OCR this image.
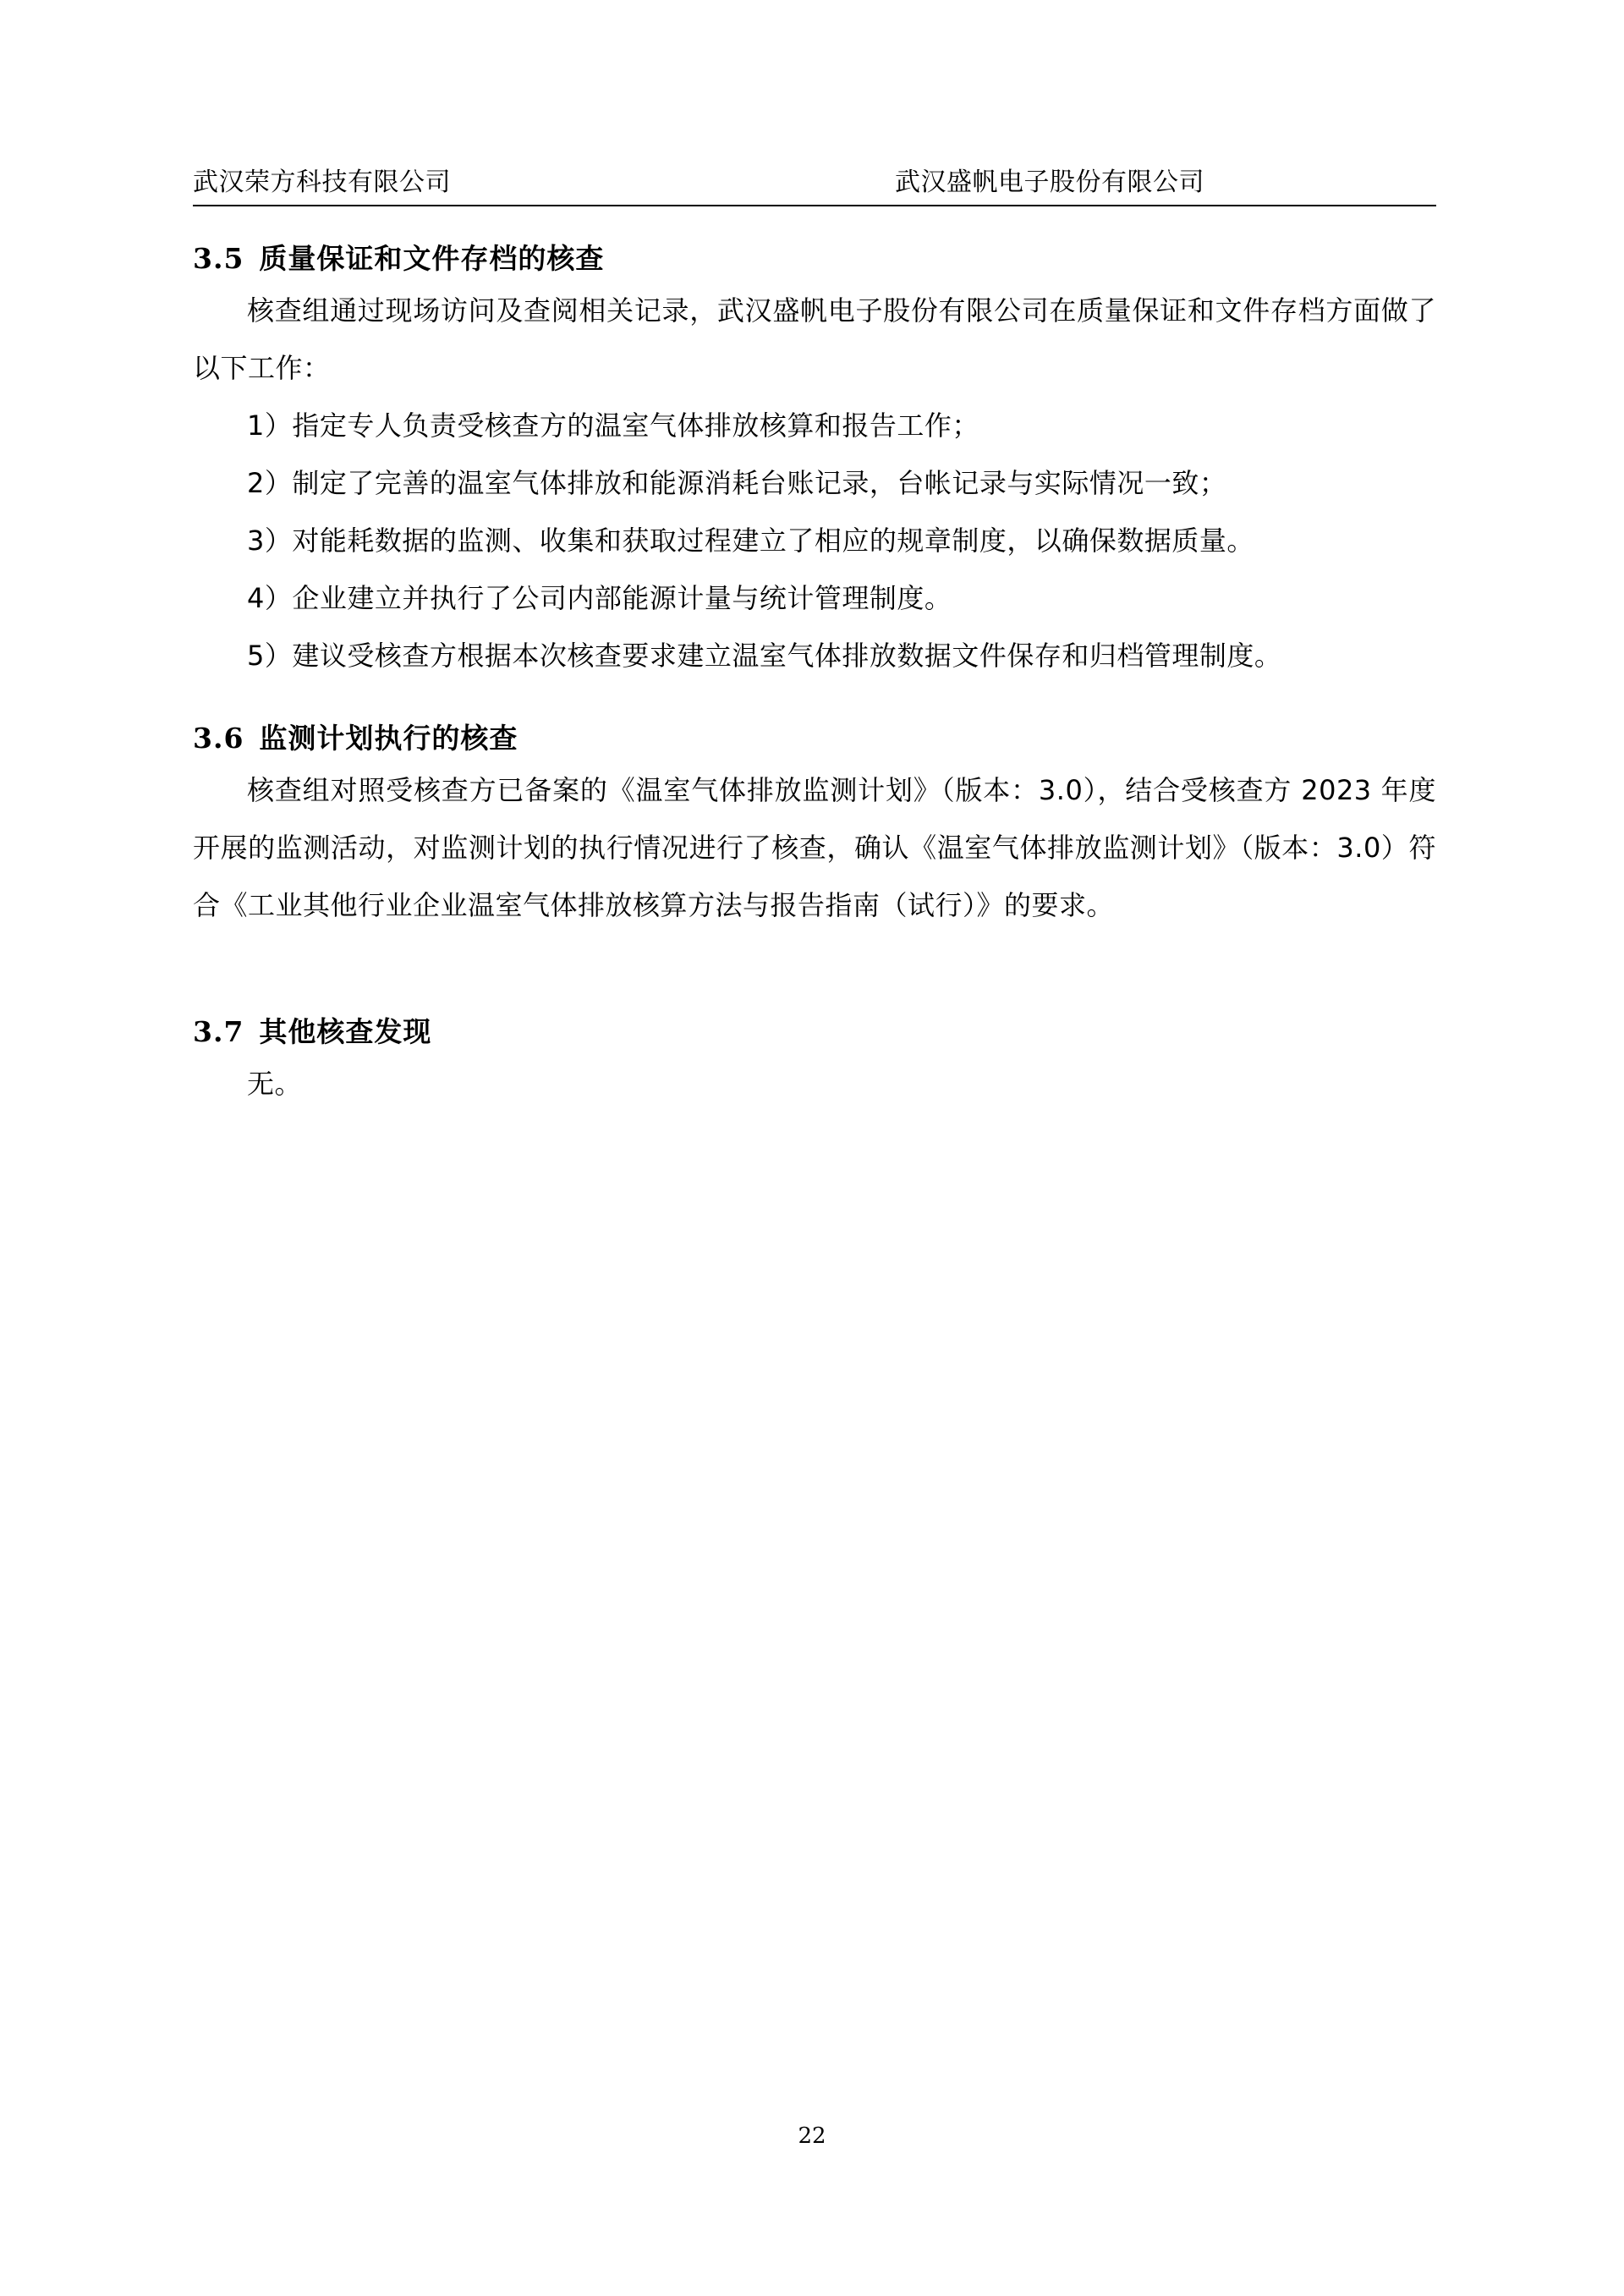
武汉荣方科技有限公司	武汉盛帆电子股份有限公司
3.5 质量保证和文件存档的核查

核查组通过现场访问及查阅相关记录，武汉盛帆电子股份有限公司在质量保证和文件存档方面做了以下工作：

1）指定专人负责受核查方的温室气体排放核算和报告工作；

2）制定了完善的温室气体排放和能源消耗台账记录，台帐记录与实际情况一致；

3）对能耗数据的监测、收集和获取过程建立了相应的规章制度，以确保数据质量。

4）企业建立并执行了公司内部能源计量与统计管理制度。

5）建议受核查方根据本次核查要求建立温室气体排放数据文件保存和归档管理制度。

3.6 监测计划执行的核查

核查组对照受核查方已备案的《温室气体排放监测计划》（版本：3.0），结合受核查方 2023 年度开展的监测活动，对监测计划的执行情况进行了核查，确认《温室气体排放监测计划》（版本：3.0）符合《工业其他行业企业温室气体排放核算方法与报告指南（试行）》的要求。

3.7 其他核查发现

无。

22
